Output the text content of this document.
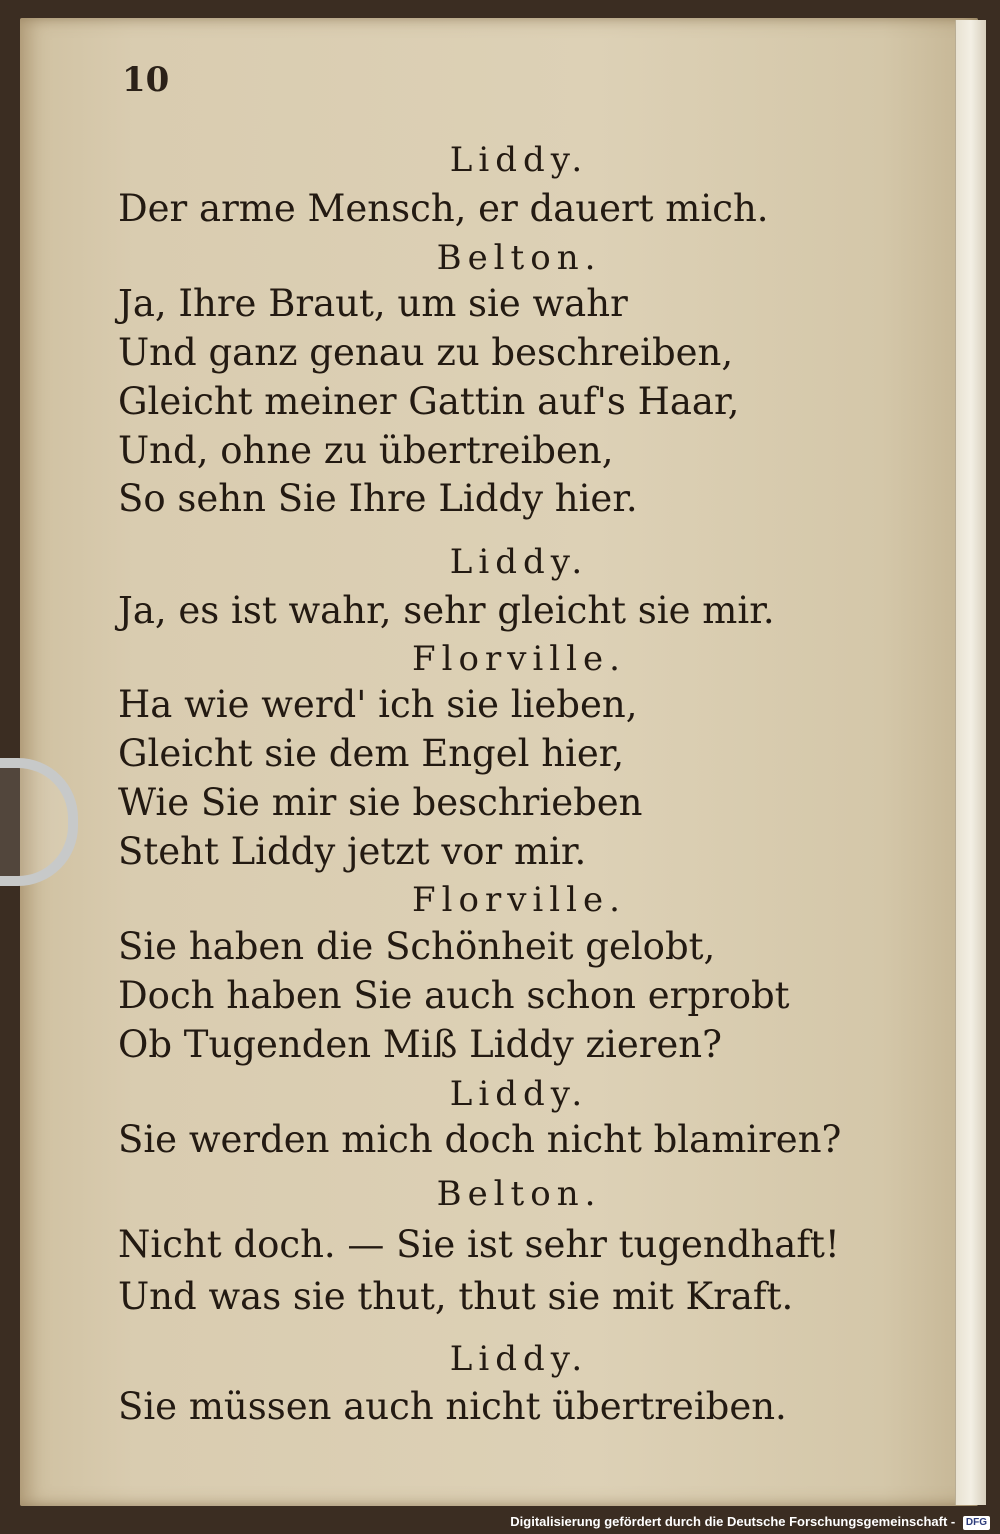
10
Liddy.
Der arme Mensch, er dauert mich.
Belton.
Ja, Ihre Braut, um sie wahr
Und ganz genau zu beschreiben,
Gleicht meiner Gattin auf's Haar,
Und, ohne zu übertreiben,
So sehn Sie Ihre Liddy hier.
Liddy.
Ja, es ist wahr, sehr gleicht sie mir.
Florville.
Ha wie werd' ich sie lieben,
Gleicht sie dem Engel hier,
Wie Sie mir sie beschrieben
Steht Liddy jetzt vor mir.
Florville.
Sie haben die Schönheit gelobt,
Doch haben Sie auch schon erprobt
Ob Tugenden Miß Liddy zieren?
Liddy.
Sie werden mich doch nicht blamiren?
Belton.
Nicht doch. — Sie ist sehr tugendhaft!
Und was sie thut, thut sie mit Kraft.
Liddy.
Sie müssen auch nicht übertreiben.
Digitalisierung gefördert durch die Deutsche Forschungsgemeinschaft - DFG
